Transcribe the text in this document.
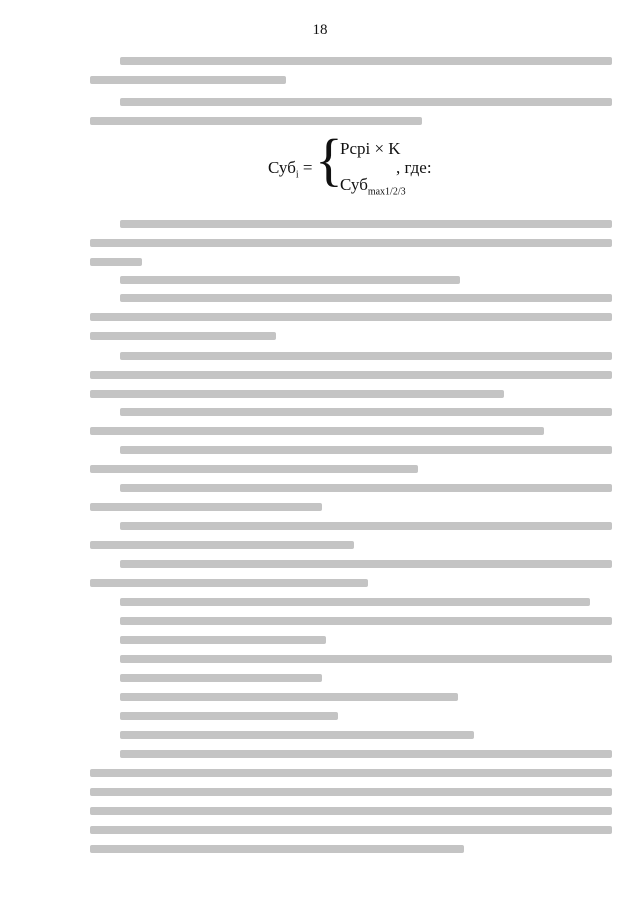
18
Суб$_i$ = {
Pсрi × K
Суб$_{max1/2/3}$
, где:
